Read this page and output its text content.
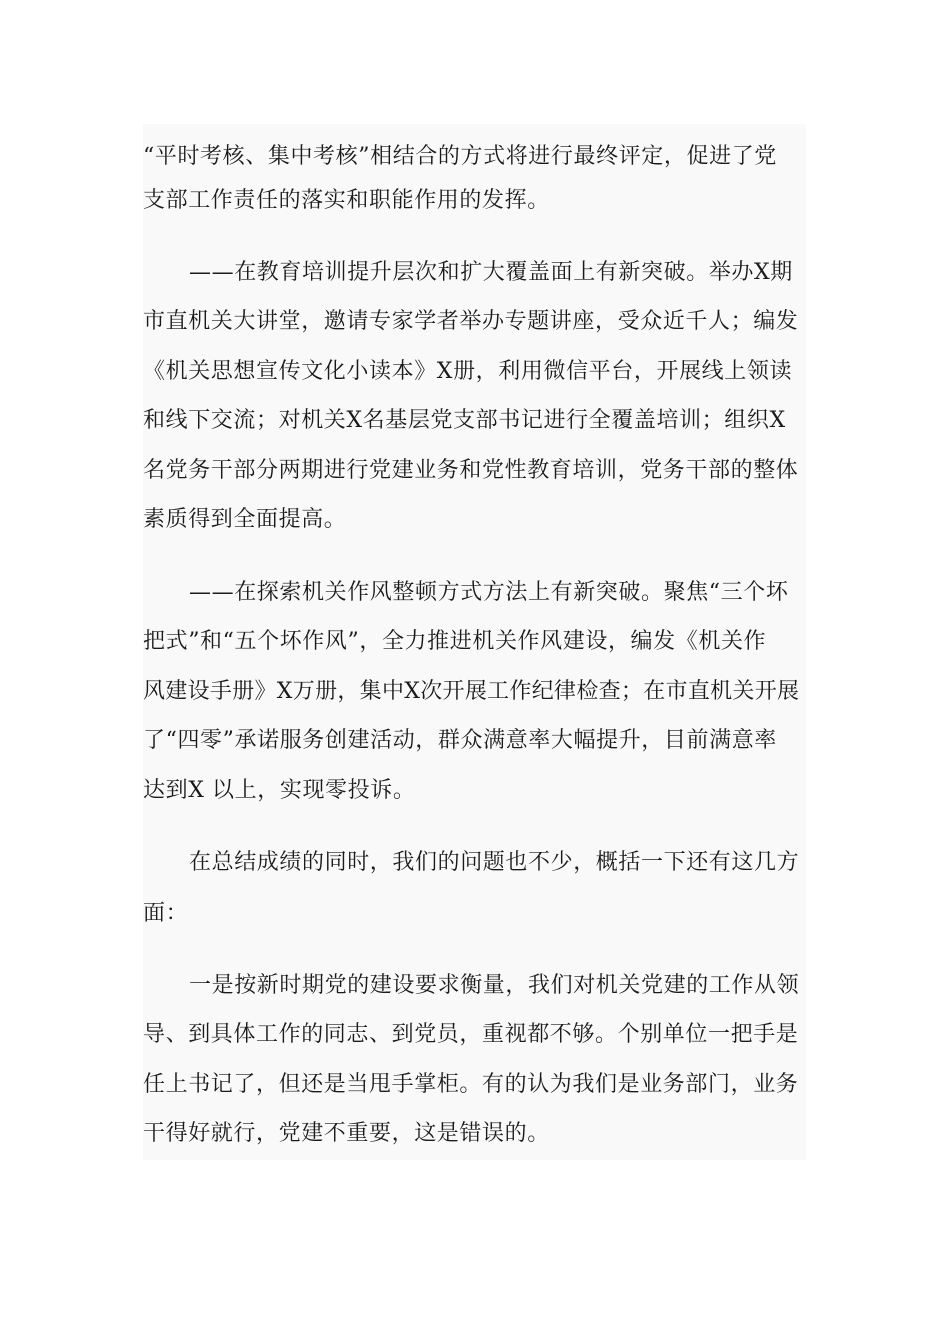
“平时考核、集中考核”相结合的方式将进行最终评定，促进了党
支部工作责任的落实和职能作用的发挥。
——在教育培训提升层次和扩大覆盖面上有新突破。举办X期
市直机关大讲堂，邀请专家学者举办专题讲座，受众近千人；编发
《机关思想宣传文化小读本》X册，利用微信平台，开展线上领读
和线下交流；对机关X名基层党支部书记进行全覆盖培训；组织X
名党务干部分两期进行党建业务和党性教育培训，党务干部的整体
素质得到全面提高。
——在探索机关作风整顿方式方法上有新突破。聚焦“三个坏
把式”和“五个坏作风”，全力推进机关作风建设，编发《机关作
风建设手册》X万册，集中X次开展工作纪律检查；在市直机关开展
了“四零”承诺服务创建活动，群众满意率大幅提升，目前满意率
达到X 以上，实现零投诉。
在总结成绩的同时，我们的问题也不少，概括一下还有这几方
面：
一是按新时期党的建设要求衡量，我们对机关党建的工作从领
导、到具体工作的同志、到党员，重视都不够。个别单位一把手是
任上书记了，但还是当甩手掌柜。有的认为我们是业务部门，业务
干得好就行，党建不重要，这是错误的。
